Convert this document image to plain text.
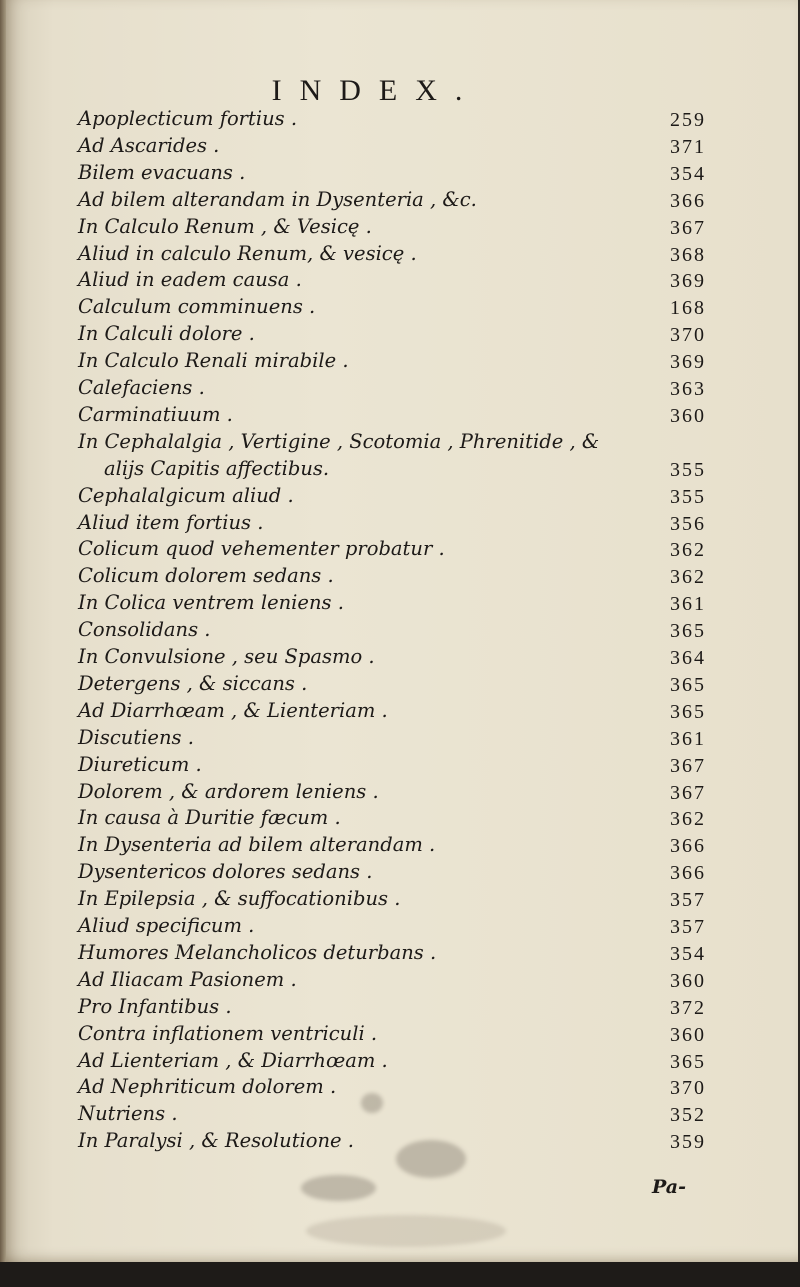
INDEX.
Pa-
Apoplecticum fortius .	259
Ad Ascarides .	371
Bilem evacuans .	354
Ad bilem alterandam in Dysenteria , &c.	366
In Calculo Renum , & Vesicę .	367
Aliud in calculo Renum, & vesicę .	368
Aliud in eadem causa .	369
Calculum comminuens .	168
In Calculi dolore .	370
In Calculo Renali mirabile .	369
Calefaciens .	363
Carminatiuum .	360
In Cephalalgia , Vertigine , Scotomia , Phrenitide , &
alijs Capitis affectibus.	355
Cephalalgicum aliud .	355
Aliud item fortius .	356
Colicum quod vehementer probatur .	362
Colicum dolorem sedans .	362
In Colica ventrem leniens .	361
Consolidans .	365
In Convulsione , seu Spasmo .	364
Detergens , & siccans .	365
Ad Diarrhœam , & Lienteriam .	365
Discutiens .	361
Diureticum .	367
Dolorem , & ardorem leniens .	367
In causa à Duritie fæcum .	362
In Dysenteria ad bilem alterandam .	366
Dysentericos dolores sedans .	366
In Epilepsia , & suffocationibus .	357
Aliud specificum .	357
Humores Melancholicos deturbans .	354
Ad Iliacam Pasionem .	360
Pro Infantibus .	372
Contra inflationem ventriculi .	360
Ad Lienteriam , & Diarrhœam .	365
Ad Nephriticum dolorem .	370
Nutriens .	352
In Paralysi , & Resolutione .	359
